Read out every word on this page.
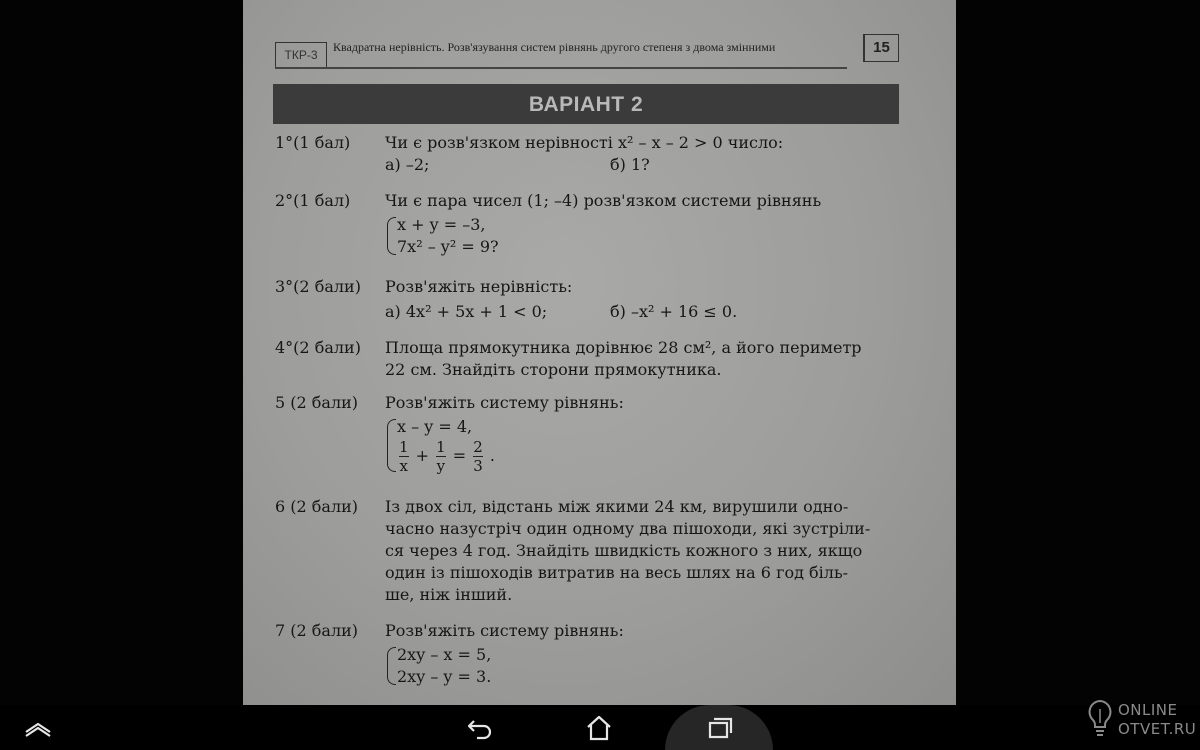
ТКР-3
Квадратна нерівність. Розв'язування систем рівнянь другого степеня з двома змінними	15
ВАРІАНТ 2
1°(1 бал) Чи є розв'язком нерівності x² – x – 2 > 0 число:
а) –2;	б) 1?
2°(1 бал) Чи є пара чисел (1; –4) розв'язком системи рівнянь
x + y = –3,
7x² – y² = 9?
3°(2 бали) Розв'яжіть нерівність:
а) 4x² + 5x + 1 < 0;	б) –x² + 16 ≤ 0.
4°(2 бали) Площа прямокутника дорівнює 28 см², а його периметр
22 см. Знайдіть сторони прямокутника.
5 (2 бали) Розв'яжіть систему рівнянь:
x – y = 4,
$\frac{1}{x} + \frac{1}{y} = \frac{2}{3}$ .
6 (2 бали) Із двох сіл, відстань між якими 24 км, вирушили одно-
часно назустріч один одному два пішоходи, які зустріли-
ся через 4 год. Знайдіть швидкість кожного з них, якщо
один із пішоходів витратив на весь шлях на 6 год біль-
ше, ніж інший.
7 (2 бали) Розв'яжіть систему рівнянь:
2xy – x = 5,
2xy – y = 3.
ONLINE
OTVET.RU
